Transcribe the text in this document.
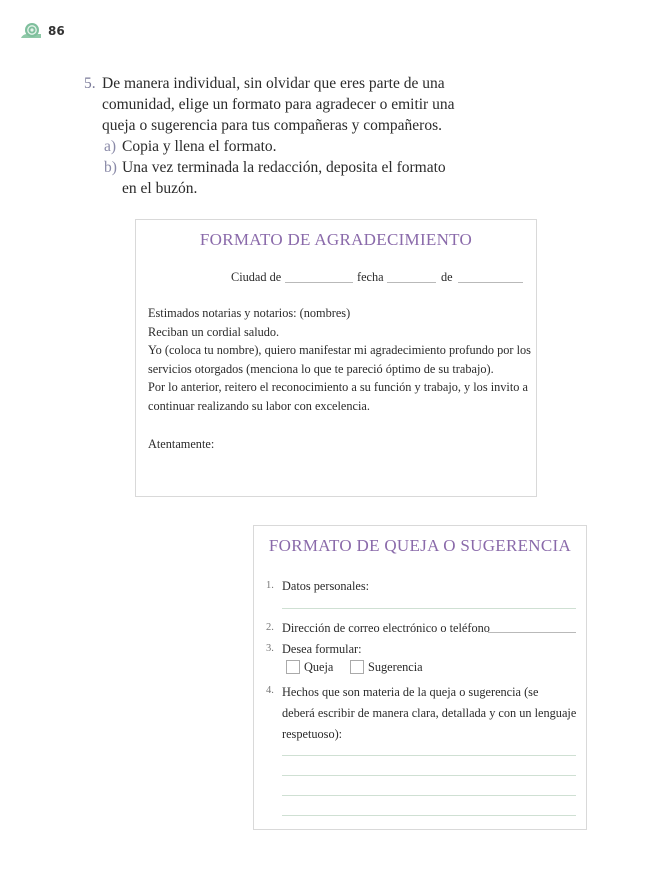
86
5. De manera individual, sin olvidar que eres parte de una
comunidad, elige un formato para agradecer o emitir una
queja o sugerencia para tus compañeras y compañeros.
a) Copia y llena el formato.
b) Una vez terminada la redacción, deposita el formato
en el buzón.
FORMATO DE AGRADECIMIENTO
Ciudad de	fecha	de
Estimados notarias y notarios: (nombres)
Reciban un cordial saludo.
Yo (coloca tu nombre), quiero manifestar mi agradecimiento profundo por los
servicios otorgados (menciona lo que te pareció óptimo de su trabajo).
Por lo anterior, reitero el reconocimiento a su función y trabajo, y los invito a
continuar realizando su labor con excelencia.
Atentamente:
FORMATO DE QUEJA O SUGERENCIA
1. Datos personales:
2. Dirección de correo electrónico o teléfono
3. Desea formular:
Queja	Sugerencia
4. Hechos que son materia de la queja o sugerencia (se
deberá escribir de manera clara, detallada y con un lenguaje
respetuoso):
